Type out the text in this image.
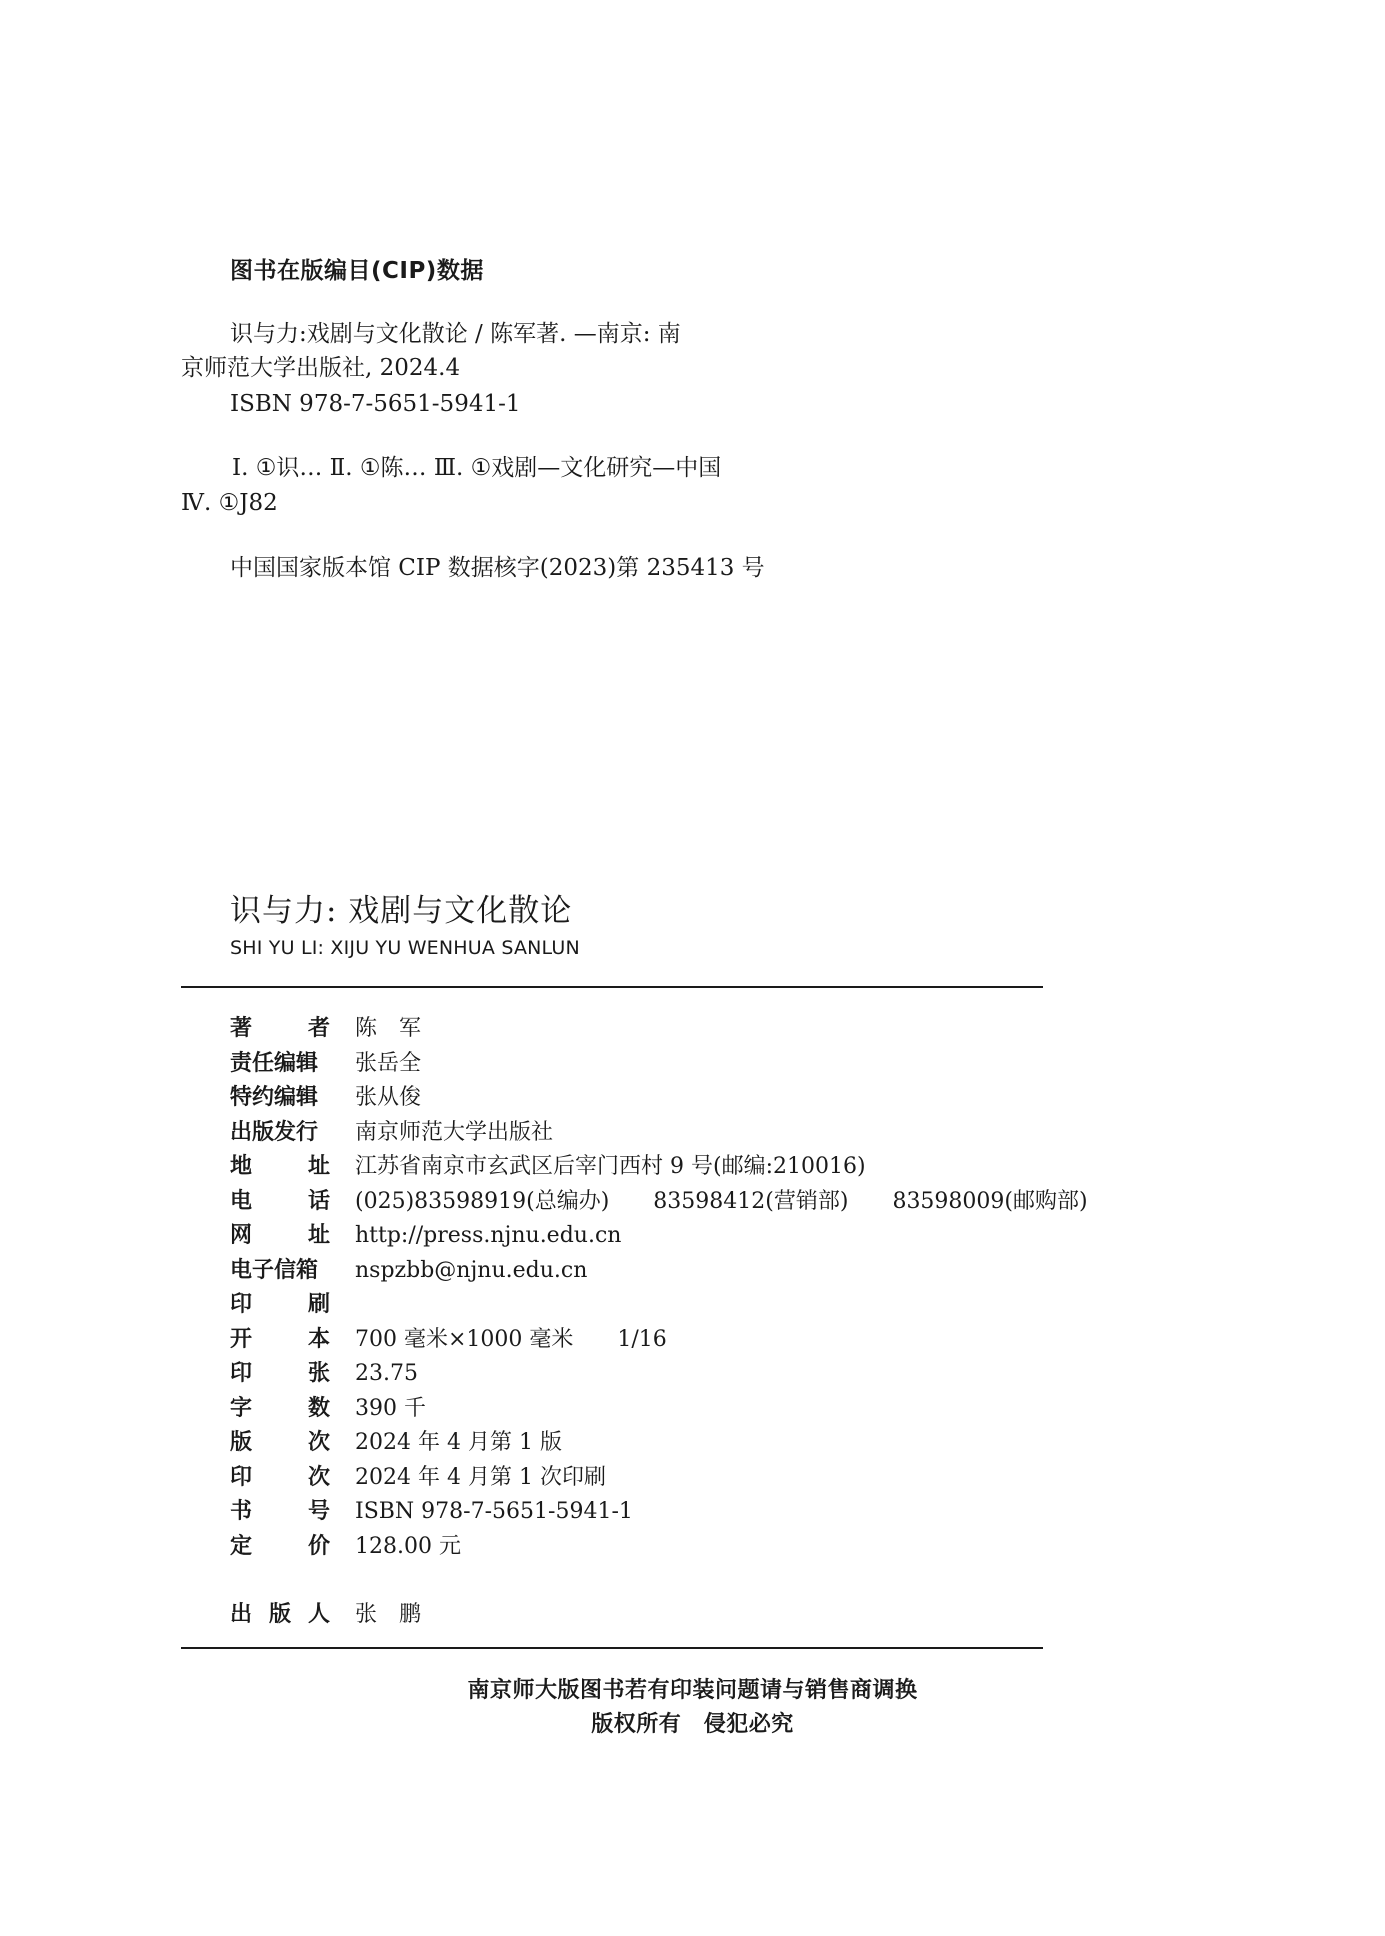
图书在版编目(CIP)数据
识与力:戏剧与文化散论 / 陈军著. —南京: 南
京师范大学出版社, 2024.4
ISBN 978-7-5651-5941-1
Ⅰ. ①识… Ⅱ. ①陈… Ⅲ. ①戏剧—文化研究—中国
Ⅳ. ①J82
中国国家版本馆 CIP 数据核字(2023)第 235413 号
识与力: 戏剧与文化散论
SHI YU LI: XIJU YU WENHUA SANLUN
著	者 陈　军
责任编辑 张岳全
特约编辑 张从俊
出版发行 南京师范大学出版社
地	址 江苏省南京市玄武区后宰门西村 9 号(邮编:210016)
电	话 (025)83598919(总编办)　　83598412(营销部)　　83598009(邮购部)
网	址 http://press.njnu.edu.cn
电子信箱 nspzbb@njnu.edu.cn
印	刷
开	本 700 毫米×1000 毫米　　1/16
印	张 23.75
字	数 390 千
版	次 2024 年 4 月第 1 版
印	次 2024 年 4 月第 1 次印刷
书	号 ISBN 978-7-5651-5941-1
定	价 128.00 元
出 版 人 张　鹏
南京师大版图书若有印装问题请与销售商调换
版权所有　侵犯必究
